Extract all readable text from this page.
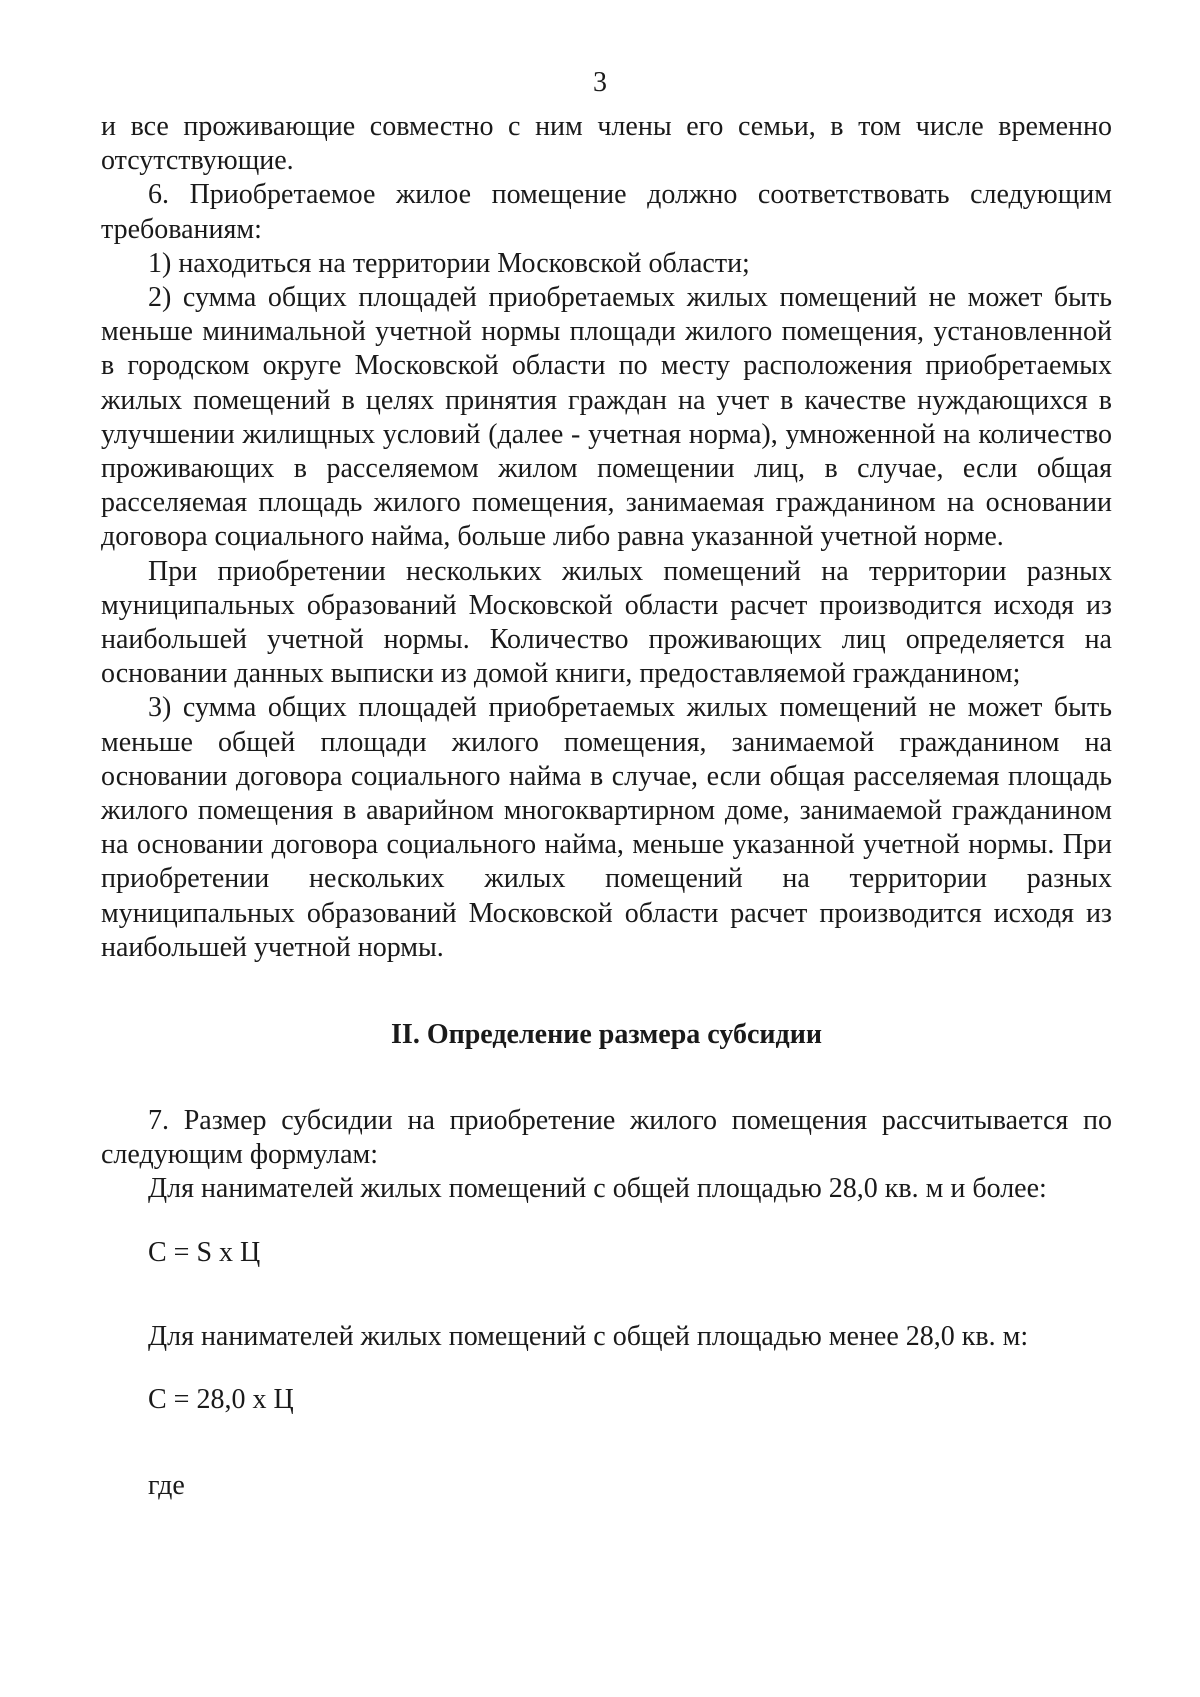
3

и все проживающие совместно с ним члены его семьи, в том числе временно отсутствующие.

6. Приобретаемое жилое помещение должно соответствовать следующим требованиям:

1) находиться на территории Московской области;

2) сумма общих площадей приобретаемых жилых помещений не может быть меньше минимальной учетной нормы площади жилого помещения, установленной в городском округе Московской области по месту расположения приобретаемых жилых помещений в целях принятия граждан на учет в качестве нуждающихся в улучшении жилищных условий (далее - учетная норма), умноженной на количество проживающих в расселяемом жилом помещении лиц, в случае, если общая расселяемая площадь жилого помещения, занимаемая гражданином на основании договора социального найма, больше либо равна указанной учетной норме.

При приобретении нескольких жилых помещений на территории разных муниципальных образований Московской области расчет производится исходя из наибольшей учетной нормы. Количество проживающих лиц определяется на основании данных выписки из домой книги, предоставляемой гражданином;

3) сумма общих площадей приобретаемых жилых помещений не может быть меньше общей площади жилого помещения, занимаемой гражданином на основании договора социального найма в случае, если общая расселяемая площадь жилого помещения в аварийном многоквартирном доме, занимаемой гражданином на основании договора социального найма, меньше указанной учетной нормы. При приобретении нескольких жилых помещений на территории разных муниципальных образований Московской области расчет производится исходя из наибольшей учетной нормы.

II. Определение размера субсидии

7. Размер субсидии на приобретение жилого помещения рассчитывается по следующим формулам:

Для нанимателей жилых помещений с общей площадью 28,0 кв. м и более:

С = S x Ц

Для нанимателей жилых помещений с общей площадью менее 28,0 кв. м:

С = 28,0 x Ц

где
